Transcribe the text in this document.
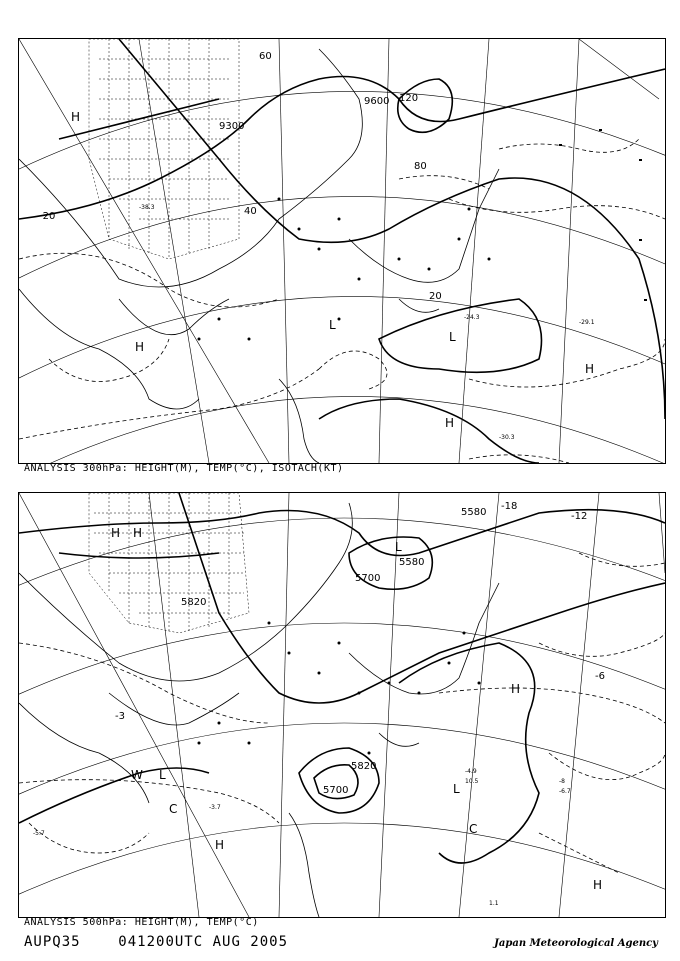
9300
9600
20
40
60
80
120
-20
-24.3
-29.1
-30.3
-38.3
H
H
H
H
L
L
ANALYSIS 300hPa: HEIGHT(M), TEMP(°C), ISOTACH(KT)
5580
5700
5820
5580
5700
5820
-18
-12
-6
-3
-8
-3.7
-4.9
-5.7
-6.7
1.1
10.5
L
L
L
H
H
H
H
H
C
C
W
ANALYSIS 500hPa: HEIGHT(M), TEMP(°C)
AUPQ35	041200UTC AUG 2005	Japan Meteorological Agency
